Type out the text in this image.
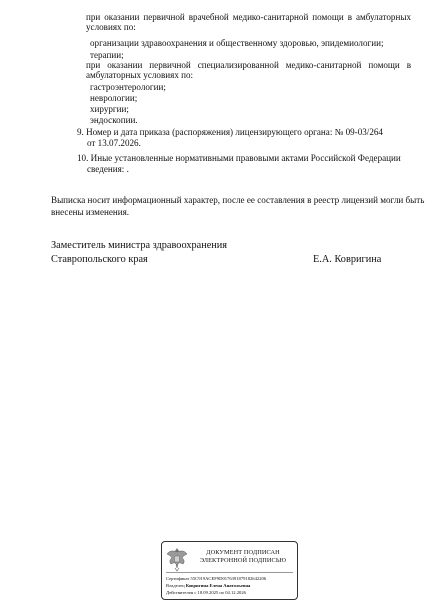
при оказании первичной врачебной медико-санитарной помощи в амбулаторных
условиях по:
организации здравоохранения и общественному здоровью, эпидемиологии;
терапии;
при оказании первичной специализированной медико-санитарной помощи в
амбулаторных условиях по:
гастроэнтерологии;
неврологии;
хирургии;
эндоскопии.
9. Номер и дата приказа (распоряжения) лицензирующего органа: № 09-03/264
от 13.07.2026.
10. Иные установленные нормативными правовыми актами Российской Федерации
сведения: .
Выписка носит информационный характер, после ее составления в реестр лицензий могли быть
внесены изменения.
Заместитель министра здравоохранения
Ставропольского края	Е.А. Ковригина
ДОКУМЕНТ ПОДПИСАН
ЭЛЕКТРОННОЙ ПОДПИСЬЮ
Сертификат 55C919ACEF9D0176391879182642206
Владелец Ковригина Елена Анатольевна
Действителен с 18.09.2025 по 04.12.2026
